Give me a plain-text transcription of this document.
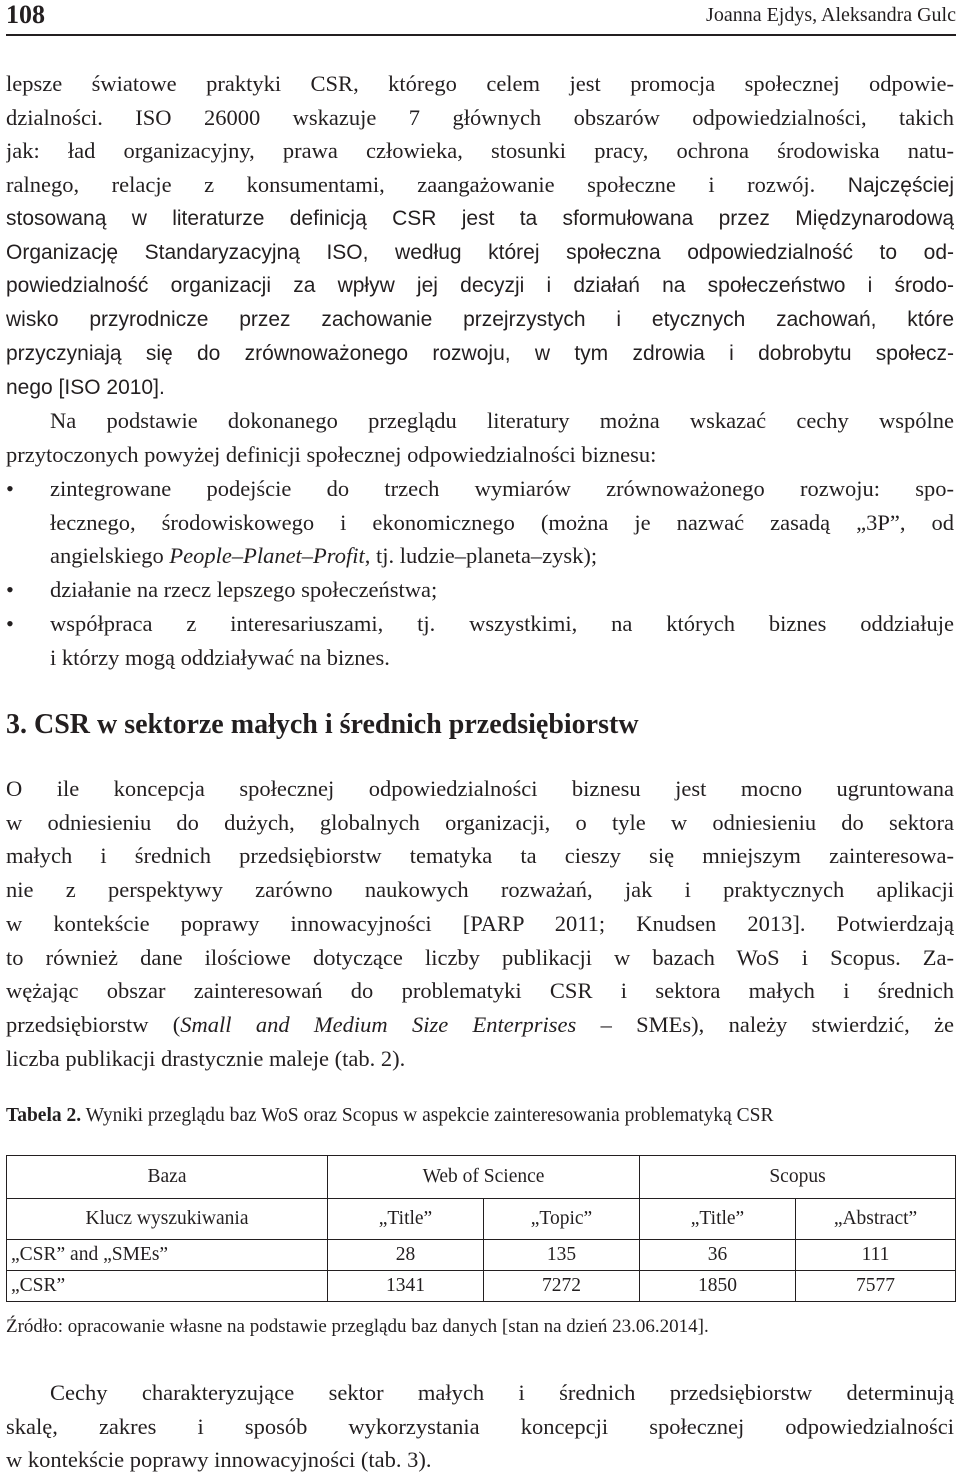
108	Joanna Ejdys, Aleksandra Gulc
lepsze światowe praktyki CSR, którego celem jest promocja społecznej odpowie-
dzialności. ISO 26000 wskazuje 7 głównych obszarów odpowiedzialności, takich
jak: ład organizacyjny, prawa człowieka, stosunki pracy, ochrona środowiska natu-
ralnego, relacje z konsumentami, zaangażowanie społeczne i rozwój. Najczęściej
stosowaną w literaturze definicją CSR jest ta sformułowana przez Międzynarodową
Organizację Standaryzacyjną ISO, według której społeczna odpowiedzialność to od-
powiedzialność organizacji za wpływ jej decyzji i działań na społeczeństwo i środo-
wisko przyrodnicze przez zachowanie przejrzystych i etycznych zachowań, które
przyczyniają się do zrównoważonego rozwoju, w tym zdrowia i dobrobytu społecz-
nego [ISO 2010].
Na podstawie dokonanego przeglądu literatury można wskazać cechy wspólne
przytoczonych powyżej definicji społecznej odpowiedzialności biznesu:
• zintegrowane podejście do trzech wymiarów zrównoważonego rozwoju: spo-
łecznego, środowiskowego i ekonomicznego (można je nazwać zasadą „3P”, od
angielskiego People–Planet–Profit, tj. ludzie–planeta–zysk);
• działanie na rzecz lepszego społeczeństwa;
• współpraca z interesariuszami, tj. wszystkimi, na których biznes oddziałuje
i którzy mogą oddziaływać na biznes.
3. CSR w sektorze małych i średnich przedsiębiorstw
O ile koncepcja społecznej odpowiedzialności biznesu jest mocno ugruntowana
w odniesieniu do dużych, globalnych organizacji, o tyle w odniesieniu do sektora
małych i średnich przedsiębiorstw tematyka ta cieszy się mniejszym zainteresowa-
nie z perspektywy zarówno naukowych rozważań, jak i praktycznych aplikacji
w kontekście poprawy innowacyjności [PARP 2011; Knudsen 2013]. Potwierdzają
to również dane ilościowe dotyczące liczby publikacji w bazach WoS i Scopus. Za-
wężając obszar zainteresowań do problematyki CSR i sektora małych i średnich
przedsiębiorstw (Small and Medium Size Enterprises – SMEs), należy stwierdzić, że
liczba publikacji drastycznie maleje (tab. 2).
Tabela 2. Wyniki przeglądu baz WoS oraz Scopus w aspekcie zainteresowania problematyką CSR
Baza	Web of Science		Scopus	
Klucz wyszukiwania	„Title”	„Topic”	„Title”	„Abstract”
„CSR” and „SMEs”	28	135	36	111
„CSR”	1341	7272	1850	7577
Źródło: opracowanie własne na podstawie przeglądu baz danych [stan na dzień 23.06.2014].
Cechy charakteryzujące sektor małych i średnich przedsiębiorstw determinują
skalę, zakres i sposób wykorzystania koncepcji społecznej odpowiedzialności
w kontekście poprawy innowacyjności (tab. 3).
